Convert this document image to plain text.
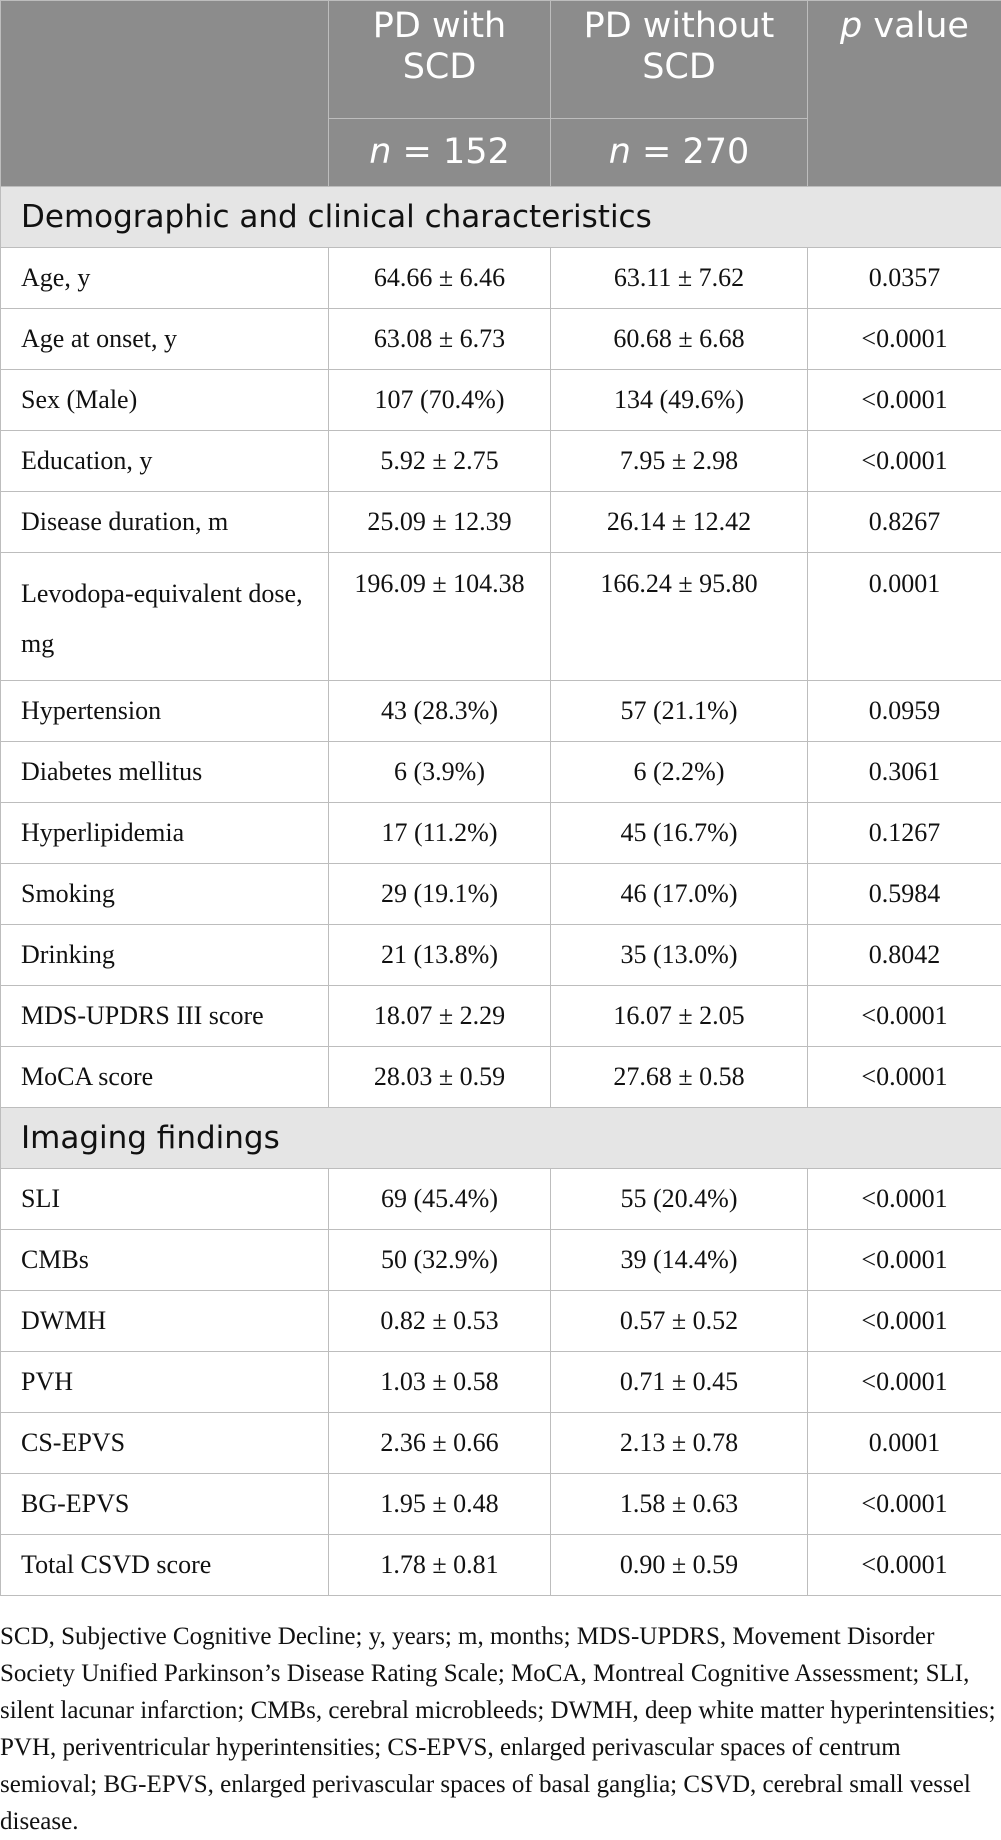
	PD with SCD	PD without SCD	p value
	n = 152	n = 270	
Demographic and clinical characteristics			
Age, y	64.66 ± 6.46	63.11 ± 7.62	0.0357
Age at onset, y	63.08 ± 6.73	60.68 ± 6.68	<0.0001
Sex (Male)	107 (70.4%)	134 (49.6%)	<0.0001
Education, y	5.92 ± 2.75	7.95 ± 2.98	<0.0001
Disease duration, m	25.09 ± 12.39	26.14 ± 12.42	0.8267
Levodopa-equivalent dose, mg	196.09 ± 104.38	166.24 ± 95.80	0.0001
Hypertension	43 (28.3%)	57 (21.1%)	0.0959
Diabetes mellitus	6 (3.9%)	6 (2.2%)	0.3061
Hyperlipidemia	17 (11.2%)	45 (16.7%)	0.1267
Smoking	29 (19.1%)	46 (17.0%)	0.5984
Drinking	21 (13.8%)	35 (13.0%)	0.8042
MDS-UPDRS III score	18.07 ± 2.29	16.07 ± 2.05	<0.0001
MoCA score	28.03 ± 0.59	27.68 ± 0.58	<0.0001
Imaging findings			
SLI	69 (45.4%)	55 (20.4%)	<0.0001
CMBs	50 (32.9%)	39 (14.4%)	<0.0001
DWMH	0.82 ± 0.53	0.57 ± 0.52	<0.0001
PVH	1.03 ± 0.58	0.71 ± 0.45	<0.0001
CS-EPVS	2.36 ± 0.66	2.13 ± 0.78	0.0001
BG-EPVS	1.95 ± 0.48	1.58 ± 0.63	<0.0001
Total CSVD score	1.78 ± 0.81	0.90 ± 0.59	<0.0001
SCD, Subjective Cognitive Decline; y, years; m, months; MDS-UPDRS, Movement Disorder Society Unified Parkinson’s Disease Rating Scale; MoCA, Montreal Cognitive Assessment; SLI, silent lacunar infarction; CMBs, cerebral microbleeds; DWMH, deep white matter hyperintensities; PVH, periventricular hyperintensities; CS-EPVS, enlarged perivascular spaces of centrum semioval; BG-EPVS, enlarged perivascular spaces of basal ganglia; CSVD, cerebral small vessel disease.
